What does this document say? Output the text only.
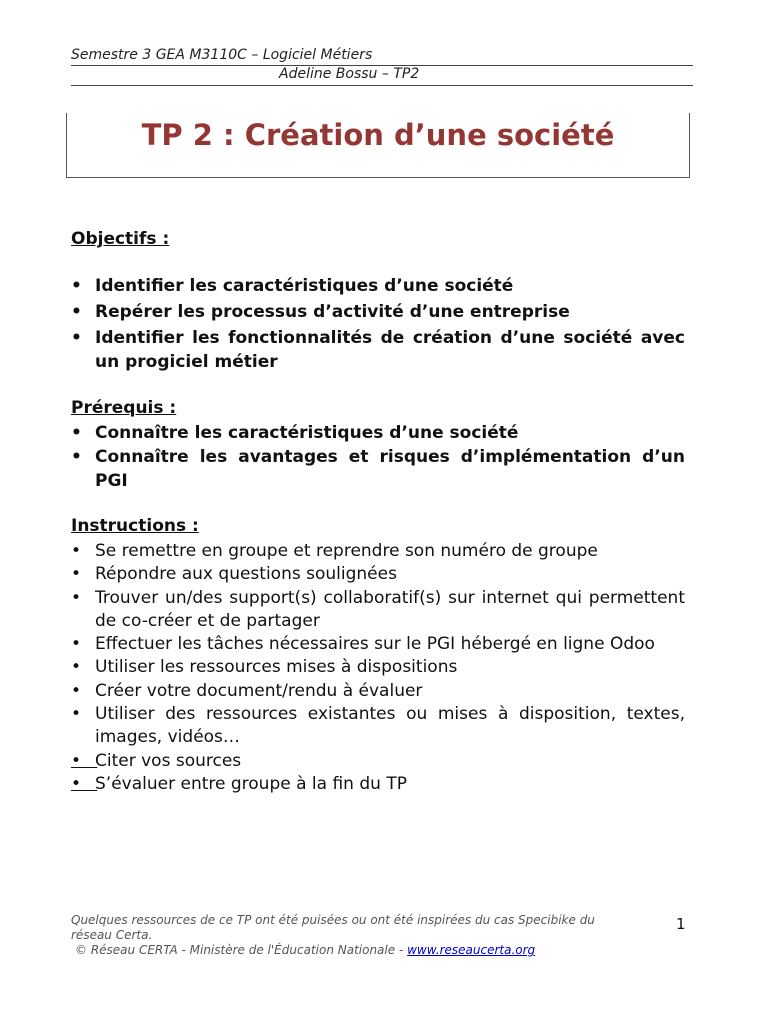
Semestre 3 GEA M3110C – Logiciel Métiers
Adeline Bossu – TP2

TP 2 : Création d’une société
Objectifs :
• Identifier les caractéristiques d’une société
• Repérer les processus d’activité d’une entreprise
• Identifier les fonctionnalités de création d’une société avec un progiciel métier
Prérequis :
• Connaître les caractéristiques d’une société
• Connaître les avantages et risques d’implémentation d’un PGI
Instructions :
• Se remettre en groupe et reprendre son numéro de groupe
• Répondre aux questions soulignées
• Trouver un/des support(s) collaboratif(s) sur internet qui permettent de co-créer et de partager
• Effectuer les tâches nécessaires sur le PGI hébergé en ligne Odoo
• Utiliser les ressources mises à dispositions
• Créer votre document/rendu à évaluer
• Utiliser des ressources existantes ou mises à disposition, textes, images, vidéos…
•
Citer vos sources
•
S’évaluer entre groupe à la fin du TP
Quelques ressources de ce TP ont été puisées ou ont été inspirées du cas Specibike du réseau Certa.
© Réseau CERTA - Ministère de l'Éducation Nationale - www.reseaucerta.org
1
